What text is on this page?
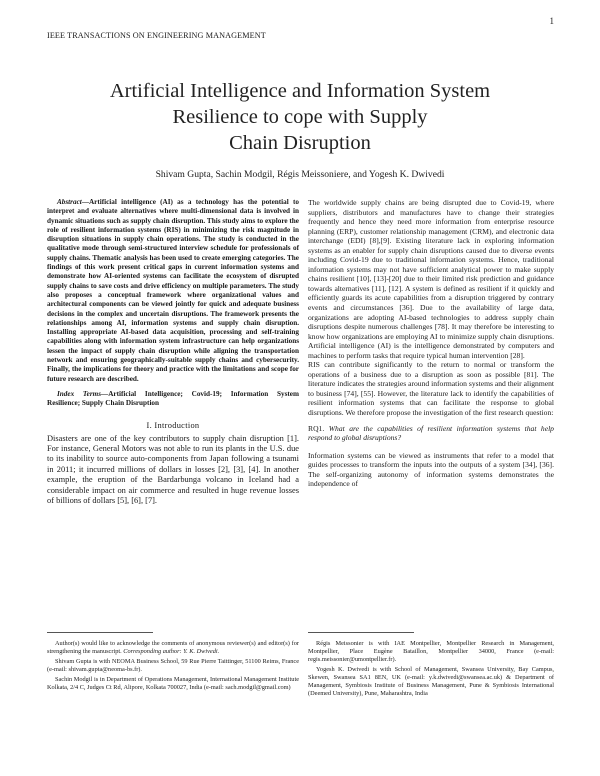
1
IEEE TRANSACTIONS ON ENGINEERING MANAGEMENT
Artificial Intelligence and Information System
Resilience to cope with Supply
Chain Disruption
Shivam Gupta, Sachin Modgil, Régis Meissoniere, and Yogesh K. Dwivedi

Abstract—Artificial intelligence (AI) as a technology has the potential to interpret and evaluate alternatives where multi-dimensional data is involved in dynamic situations such as supply chain disruption. This study aims to explore the role of resilient information systems (RIS) in minimizing the risk magnitude in disruption situations in supply chain operations. The study is conducted in the qualitative mode through semi-structured interview schedule for professionals of supply chains. Thematic analysis has been used to create emerging categories. The findings of this work present critical gaps in current information systems and demonstrate how AI-oriented systems can facilitate the ecosystem of disrupted supply chains to save costs and drive efficiency on multiple parameters. The study also proposes a conceptual framework where organizational values and architectural components can be viewed jointly for quick and adequate business decisions in the complex and uncertain disruptions. The framework presents the relationships among AI, information systems and supply chain disruption. Installing appropriate AI-based data acquisition, processing and self-training capabilities along with information system infrastructure can help organizations lessen the impact of supply chain disruption while aligning the transportation network and ensuring geographically-suitable supply chains and cybersecurity. Finally, the implications for theory and practice with the limitations and scope for future research are described.

Index Terms—Artificial Intelligence; Covid-19; Information System Resilience; Supply Chain Disruption

I. Introduction

Disasters are one of the key contributors to supply chain disruption [1]. For instance, General Motors was not able to run its plants in the U.S. due to its inability to source auto-components from Japan following a tsunami in 2011; it incurred millions of dollars in losses [2], [3], [4]. In another example, the eruption of the Bardarbunga volcano in Iceland had a considerable impact on air commerce and resulted in huge revenue losses of billions of dollars [5], [6], [7].

The worldwide supply chains are being disrupted due to Covid-19, where suppliers, distributors and manufactures have to change their strategies frequently and hence they need more information from enterprise resource planning (ERP), customer relationship management (CRM), and electronic data interchange (EDI) [8],[9]. Existing literature lack in exploring information systems as an enabler for supply chain disruptions caused due to diverse events including Covid-19 due to traditional information systems. Hence, traditional information systems may not have sufficient analytical power to make supply chains resilient [10], [13]-[20] due to their limited risk prediction and guidance towards alternatives [11], [12]. A system is defined as resilient if it quickly and efficiently guards its acute capabilities from a disruption triggered by contrary events and circumstances [36]. Due to the availability of large data, organizations are adopting AI-based technologies to address supply chain disruptions despite numerous challenges [78]. It may therefore be interesting to know how organizations are employing AI to minimize supply chain disruptions. Artificial intelligence (AI) is the intelligence demonstrated by computers and machines to perform tasks that require typical human intervention [28].

RIS can contribute significantly to the return to normal or transform the operations of a business due to a disruption as soon as possible [81]. The literature indicates the strategies around information systems and their alignment to business [74], [55]. However, the literature lack to identify the capabilities of resilient information systems that can facilitate the response to global disruptions. We therefore propose the investigation of the first research question:

RQ1. What are the capabilities of resilient information systems that help respond to global disruptions?

Information systems can be viewed as instruments that refer to a model that guides processes to transform the inputs into the outputs of a system [34], [36]. The self-organizing autonomy of information systems demonstrates the independence of

Author(s) would like to acknowledge the comments of anonymous reviewer(s) and editor(s) for strengthening the manuscript. Corresponding author: Y. K. Dwivedi.

Shivam Gupta is with NEOMA Business School, 59 Rue Pierre Taittinger, 51100 Reims, France (e-mail: shivam.gupta@neoma-bs.fr).

Sachin Modgil is in Department of Operations Management, International Management Institute Kolkata, 2/4 C, Judges Ct Rd, Alipore, Kolkata 700027, India (e-mail: sach.modgil@gmail.com)

Régis Meissonier is with IAE Montpellier, Montpellier Research in Management, Montpellier, Place Eugène Bataillon, Montpellier 34000, France (e-mail: regis.meissonier@umontpellier.fr).

Yogesh K. Dwivedi is with School of Management, Swansea University, Bay Campus, Skewen, Swansea SA1 8EN, UK (e-mail: y.k.dwivedi@swansea.ac.uk) & Department of Management, Symbiosis Institute of Business Management, Pune & Symbiosis International (Deemed University), Pune, Maharashtra, India
